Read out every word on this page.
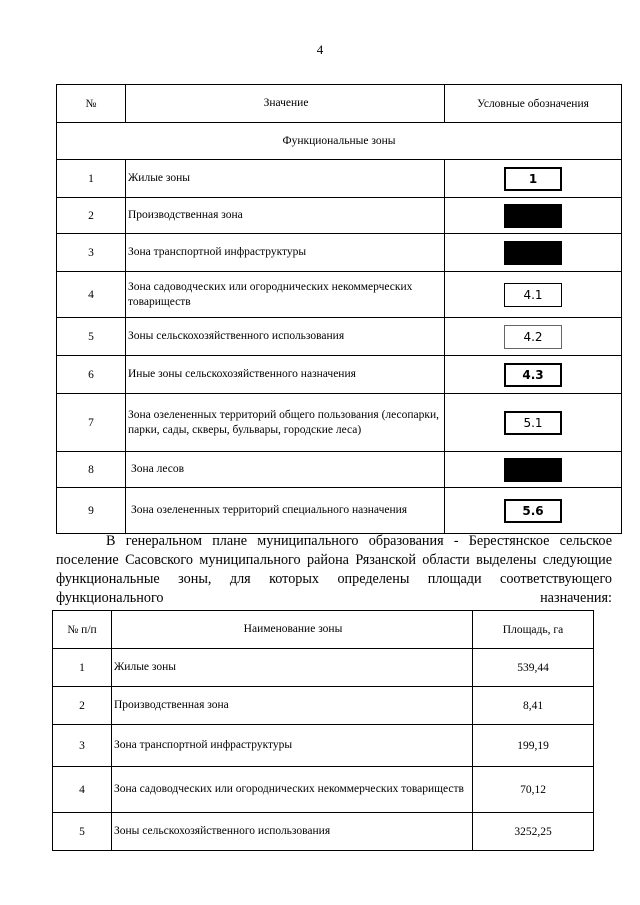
4
№	Значение	Условные обозначения
Функциональные зоны		
1	Жилые зоны	1
2	Производственная зона	
3	Зона транспортной инфраструктуры	
4	Зона садоводческих или огороднических некоммерческих товариществ	4.1
5	Зоны сельскохозяйственного использования	4.2
6	Иные зоны сельскохозяйственного назначения	4.3
7	Зона озелененных территорий общего пользования (лесопарки, парки, сады, скверы, бульвары, городские леса)	5.1
8	Зона лесов	
9	Зона озелененных территорий специального назначения	5.6

В генеральном плане муниципального образования - Берестянское сельское поселение Сасовского муниципального района Рязанской области выделены следующие функциональные зоны, для которых определены площади соответствующего функционального назначения:

№ п/п	Наименование зоны	Площадь, га
1	Жилые зоны	539,44
2	Производственная зона	8,41
3	Зона транспортной инфраструктуры	199,19
4	Зона садоводческих или огороднических некоммерческих товариществ	70,12
5	Зоны сельскохозяйственного использования	3252,25
